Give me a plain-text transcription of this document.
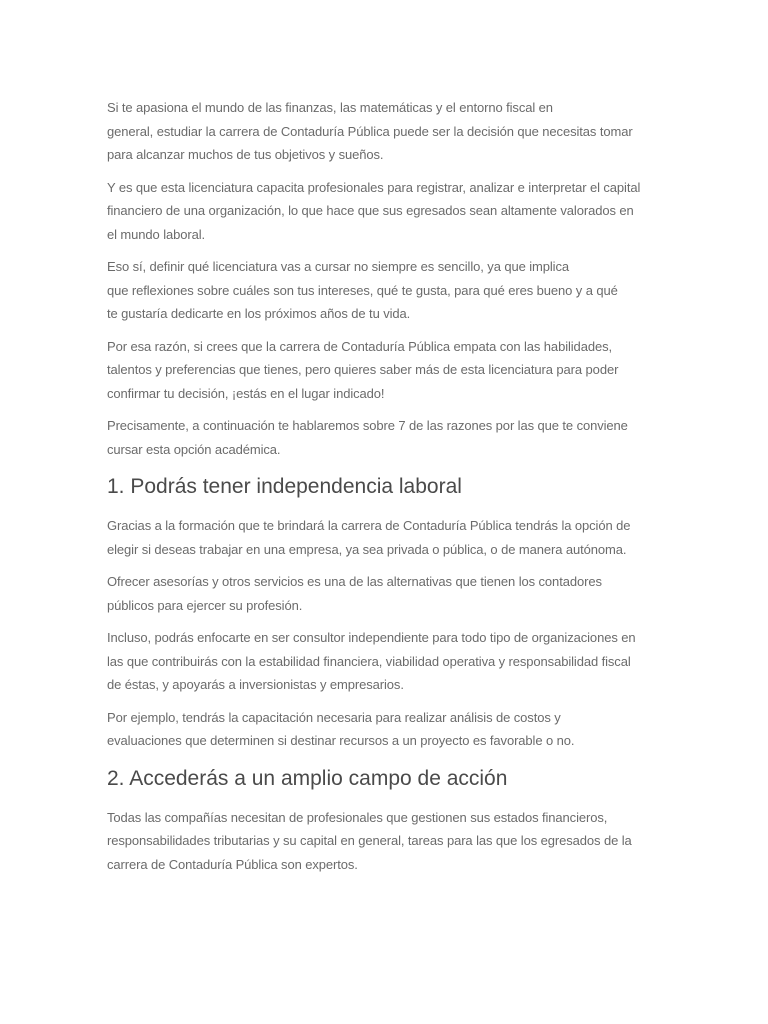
Si te apasiona el mundo de las finanzas, las matemáticas y el entorno fiscal en
general, estudiar la carrera de Contaduría Pública puede ser la decisión que necesitas tomar
para alcanzar muchos de tus objetivos y sueños.

Y es que esta licenciatura capacita profesionales para registrar, analizar e interpretar el capital
financiero de una organización, lo que hace que sus egresados sean altamente valorados en
el mundo laboral.

Eso sí, definir qué licenciatura vas a cursar no siempre es sencillo, ya que implica
que reflexiones sobre cuáles son tus intereses, qué te gusta, para qué eres bueno y a qué
te gustaría dedicarte en los próximos años de tu vida.

Por esa razón, si crees que la carrera de Contaduría Pública empata con las habilidades,
talentos y preferencias que tienes, pero quieres saber más de esta licenciatura para poder
confirmar tu decisión, ¡estás en el lugar indicado!

Precisamente, a continuación te hablaremos sobre 7 de las razones por las que te conviene
cursar esta opción académica.

1. Podrás tener independencia laboral

Gracias a la formación que te brindará la carrera de Contaduría Pública tendrás la opción de
elegir si deseas trabajar en una empresa, ya sea privada o pública, o de manera autónoma.

Ofrecer asesorías y otros servicios es una de las alternativas que tienen los contadores
públicos para ejercer su profesión.

Incluso, podrás enfocarte en ser consultor independiente para todo tipo de organizaciones en
las que contribuirás con la estabilidad financiera, viabilidad operativa y responsabilidad fiscal
de éstas, y apoyarás a inversionistas y empresarios.

Por ejemplo, tendrás la capacitación necesaria para realizar análisis de costos y
evaluaciones que determinen si destinar recursos a un proyecto es favorable o no.

2. Accederás a un amplio campo de acción

Todas las compañías necesitan de profesionales que gestionen sus estados financieros,
responsabilidades tributarias y su capital en general, tareas para las que los egresados de la
carrera de Contaduría Pública son expertos.
